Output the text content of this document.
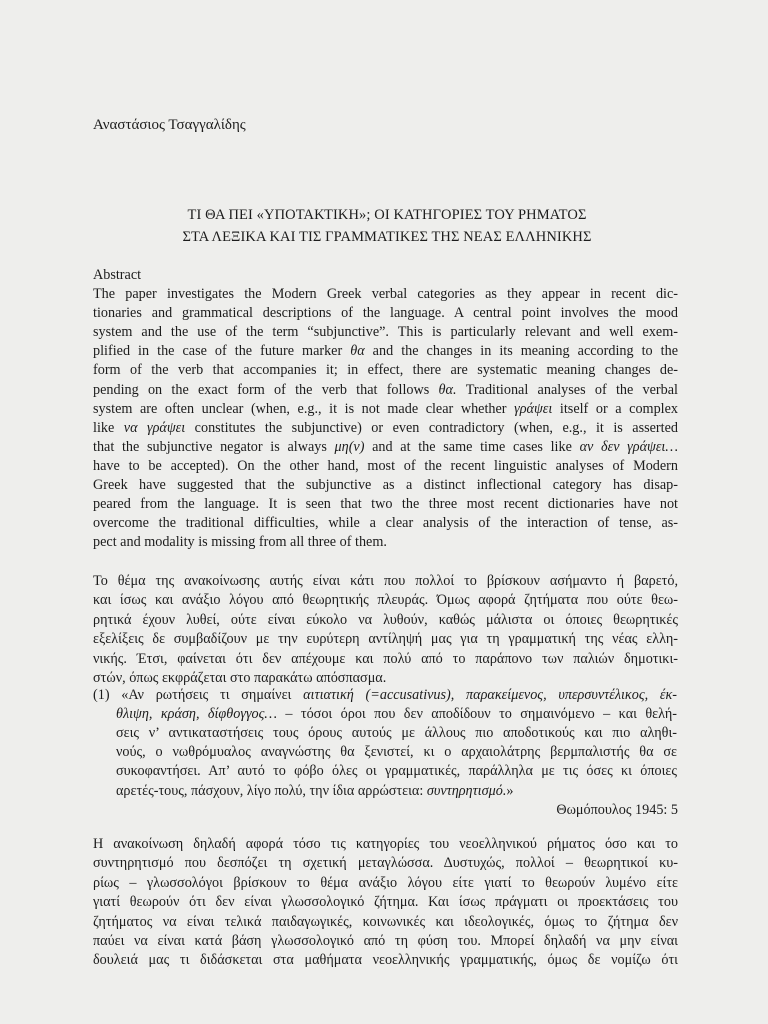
Αναστάσιος Τσαγγαλίδης
ΤΙ ΘΑ ΠΕΙ «ΥΠΟΤΑΚΤΙΚΗ»; ΟΙ ΚΑΤΗΓΟΡΙΕΣ ΤΟΥ ΡΗΜΑΤΟΣ
ΣΤΑ ΛΕΞΙΚΑ ΚΑΙ ΤΙΣ ΓΡΑΜΜΑΤΙΚΕΣ ΤΗΣ ΝΕΑΣ ΕΛΛΗΝΙΚΗΣ
Abstract
The paper investigates the Modern Greek verbal categories as they appear in recent dic-
tionaries and grammatical descriptions of the language. A central point involves the mood
system and the use of the term “subjunctive”. This is particularly relevant and well exem-
plified in the case of the future marker θα and the changes in its meaning according to the
form of the verb that accompanies it; in effect, there are systematic meaning changes de-
pending on the exact form of the verb that follows θα. Traditional analyses of the verbal
system are often unclear (when, e.g., it is not made clear whether γράψει itself or a complex
like να γράψει constitutes the subjunctive) or even contradictory (when, e.g., it is asserted
that the subjunctive negator is always μη(ν) and at the same time cases like αν δεν γράψει…
have to be accepted). On the other hand, most of the recent linguistic analyses of Modern
Greek have suggested that the subjunctive as a distinct inflectional category has disap-
peared from the language. It is seen that two the three most recent dictionaries have not
overcome the traditional difficulties, while a clear analysis of the interaction of tense, as-
pect and modality is missing from all three of them.
Το θέμα της ανακοίνωσης αυτής είναι κάτι που πολλοί το βρίσκουν ασήμαντο ή βαρετό,
και ίσως και ανάξιο λόγου από θεωρητικής πλευράς. Όμως αφορά ζητήματα που ούτε θεω-
ρητικά έχουν λυθεί, ούτε είναι εύκολο να λυθούν, καθώς μάλιστα οι όποιες θεωρητικές
εξελίξεις δε συμβαδίζουν με την ευρύτερη αντίληψή μας για τη γραμματική της νέας ελλη-
νικής. Έτσι, φαίνεται ότι δεν απέχουμε και πολύ από το παράπονο των παλιών δημοτικι-
στών, όπως εκφράζεται στο παρακάτω απόσπασμα.
(1) «Αν ρωτήσεις τι σημαίνει αιτιατική (=accusativus), παρακείμενος, υπερσυντέλικος, έκ-
θλιψη, κράση, δίφθογγος… – τόσοι όροι που δεν αποδίδουν το σημαινόμενο – και θελή-
σεις ν’ αντικαταστήσεις τους όρους αυτούς με άλλους πιο αποδοτικούς και πιο αληθι-
νούς, ο νωθρόμυαλος αναγνώστης θα ξενιστεί, κι ο αρχαιολάτρης βερμπαλιστής θα σε
συκοφαντήσει. Απ’ αυτό το φόβο όλες οι γραμματικές, παράλληλα με τις όσες κι όποιες
αρετές-τους, πάσχουν, λίγο πολύ, την ίδια αρρώστεια: συντηρητισμό.»
Θωμόπουλος 1945: 5
Η ανακοίνωση δηλαδή αφορά τόσο τις κατηγορίες του νεοελληνικού ρήματος όσο και το
συντηρητισμό που δεσπόζει τη σχετική μεταγλώσσα. Δυστυχώς, πολλοί – θεωρητικοί κυ-
ρίως – γλωσσολόγοι βρίσκουν το θέμα ανάξιο λόγου είτε γιατί το θεωρούν λυμένο είτε
γιατί θεωρούν ότι δεν είναι γλωσσολογικό ζήτημα. Και ίσως πράγματι οι προεκτάσεις του
ζητήματος να είναι τελικά παιδαγωγικές, κοινωνικές και ιδεολογικές, όμως το ζήτημα δεν
παύει να είναι κατά βάση γλωσσολογικό από τη φύση του. Μπορεί δηλαδή να μην είναι
δουλειά μας τι διδάσκεται στα μαθήματα νεοελληνικής γραμματικής, όμως δε νομίζω ότι
